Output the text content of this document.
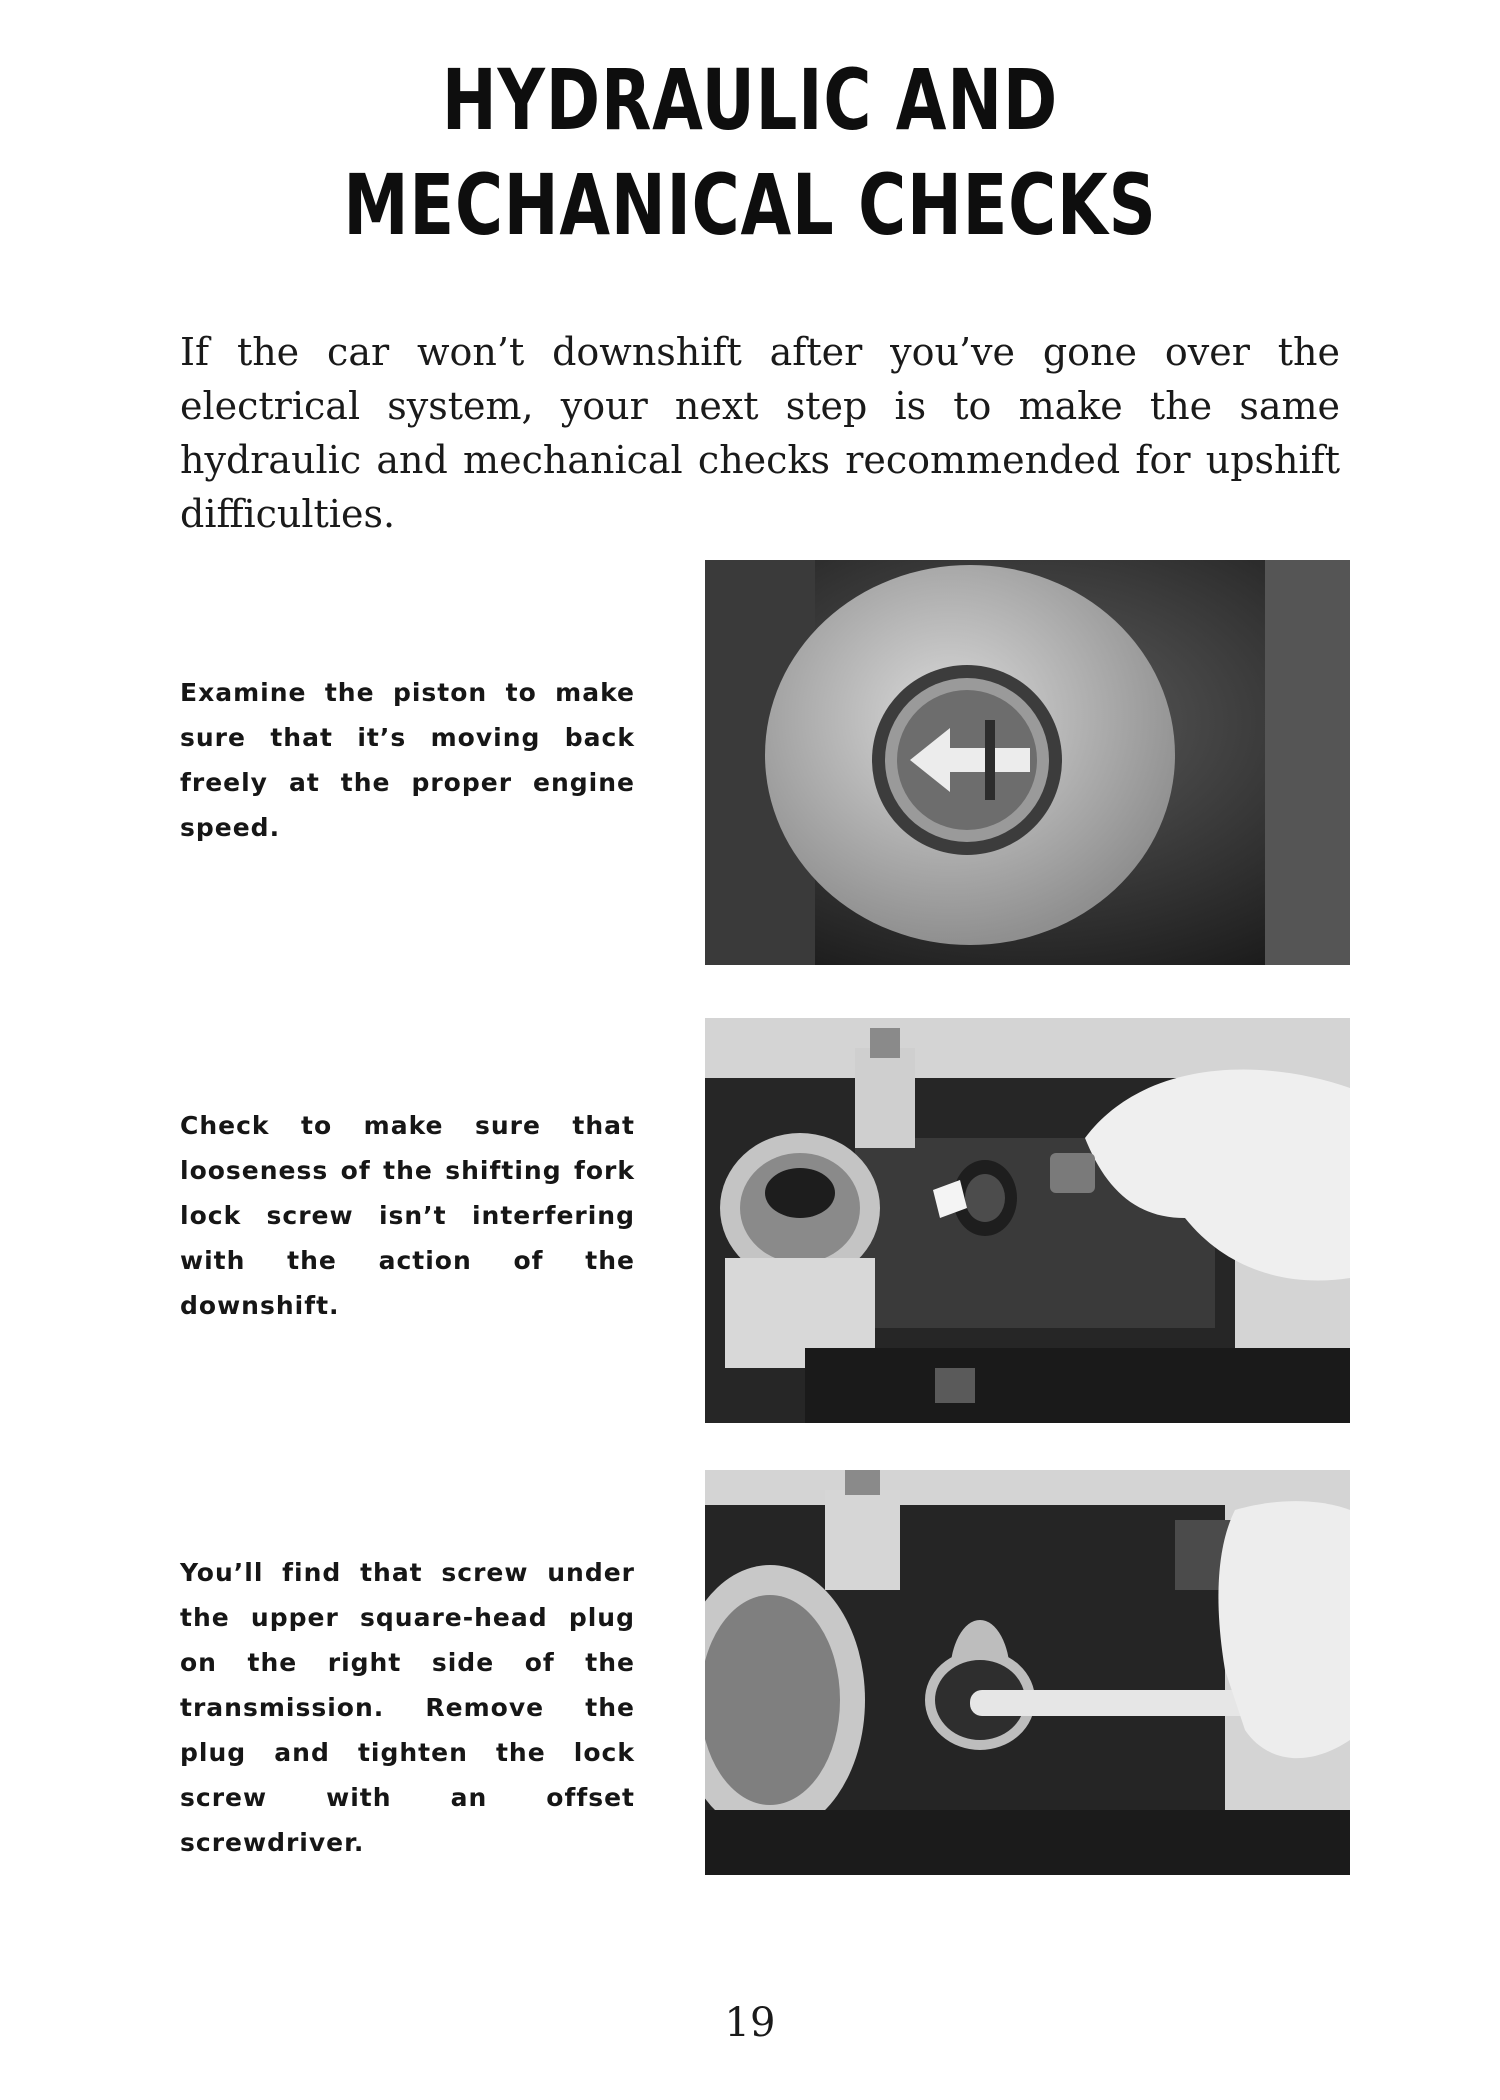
HYDRAULIC AND MECHANICAL CHECKS

If the car won’t downshift after you’ve gone over the electrical system, your next step is to make the same hydraulic and mechanical checks recommended for upshift difficulties.

Examine the piston to make sure that it’s moving back freely at the proper engine speed.

Check to make sure that looseness of the shifting fork lock screw isn’t interfering with the action of the downshift.

You’ll find that screw under the upper square-head plug on the right side of the transmission. Remove the plug and tighten the lock screw with an offset screwdriver.

19
